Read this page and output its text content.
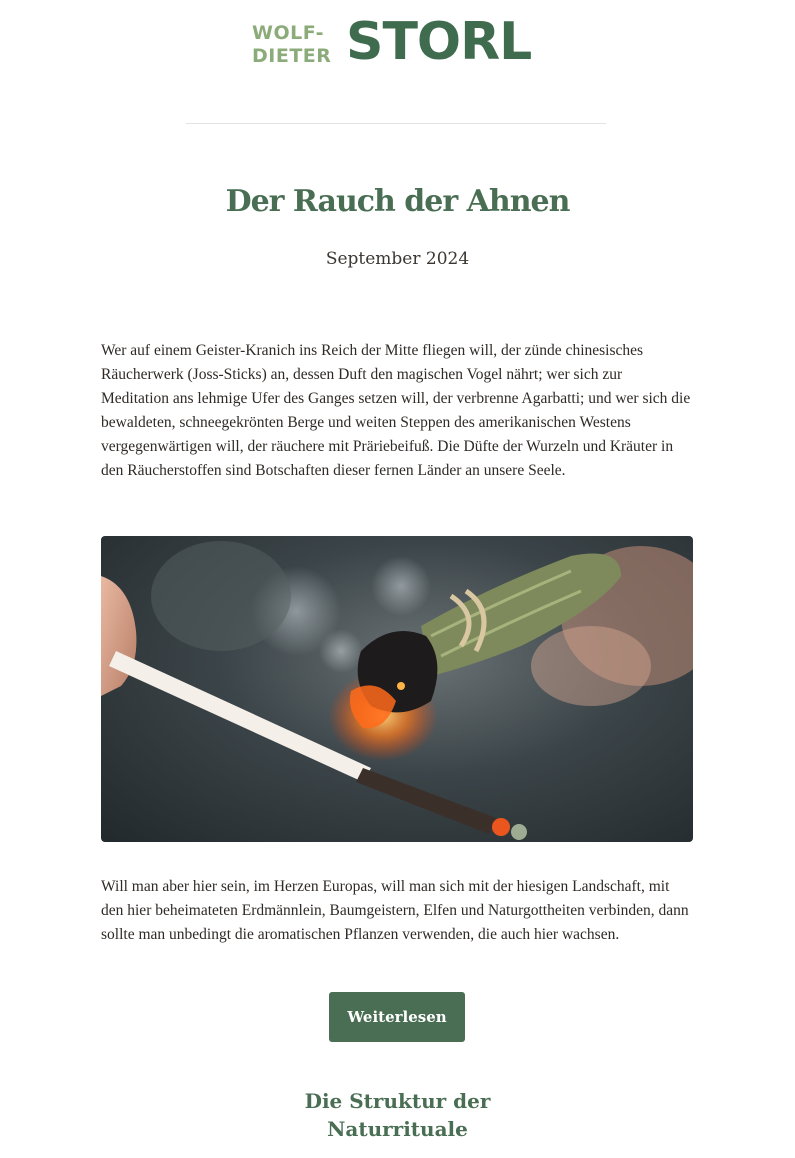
WOLF-
DIETER STORL
Der Rauch der Ahnen
September 2024

Wer auf einem Geister-Kranich ins Reich der Mitte fliegen will, der zünde chinesisches Räucherwerk (Joss-Sticks) an, dessen Duft den magischen Vogel nährt; wer sich zur Meditation ans lehmige Ufer des Ganges setzen will, der verbrenne Agarbatti; und wer sich die bewaldeten, schneegekrönten Berge und weiten Steppen des amerikanischen Westens vergegenwärtigen will, der räuchere mit Präriebeifuß. Die Düfte der Wurzeln und Kräuter in den Räucherstoffen sind Botschaften dieser fernen Länder an unsere Seele.

Will man aber hier sein, im Herzen Europas, will man sich mit der hiesigen Landschaft, mit den hier beheimateten Erdmännlein, Baumgeistern, Elfen und Naturgottheiten verbinden, dann sollte man unbedingt die aromatischen Pflanzen verwenden, die auch hier wachsen.

Weiterlesen
Die Struktur der
Naturrituale
